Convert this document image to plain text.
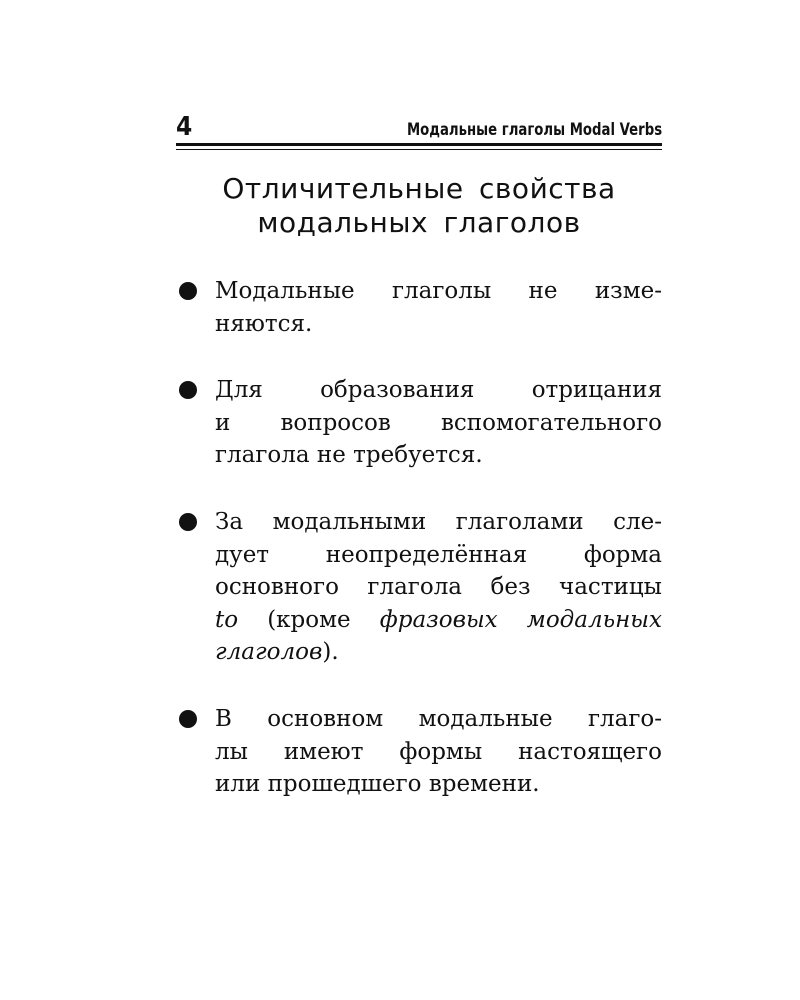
4	Модальные глаголы Modal Verbs
Отличительные свойства
модальных глаголов
Модальные глаголы не изме-
няются.
Для образования отрицания
и вопросов вспомогательного
глагола не требуется.
За модальными глаголами сле-
дует неопределённая форма
основного глагола без частицы
to (кроме фразовых модальных
глаголов).
В основном модальные глаго-
лы имеют формы настоящего
или прошедшего времени.
